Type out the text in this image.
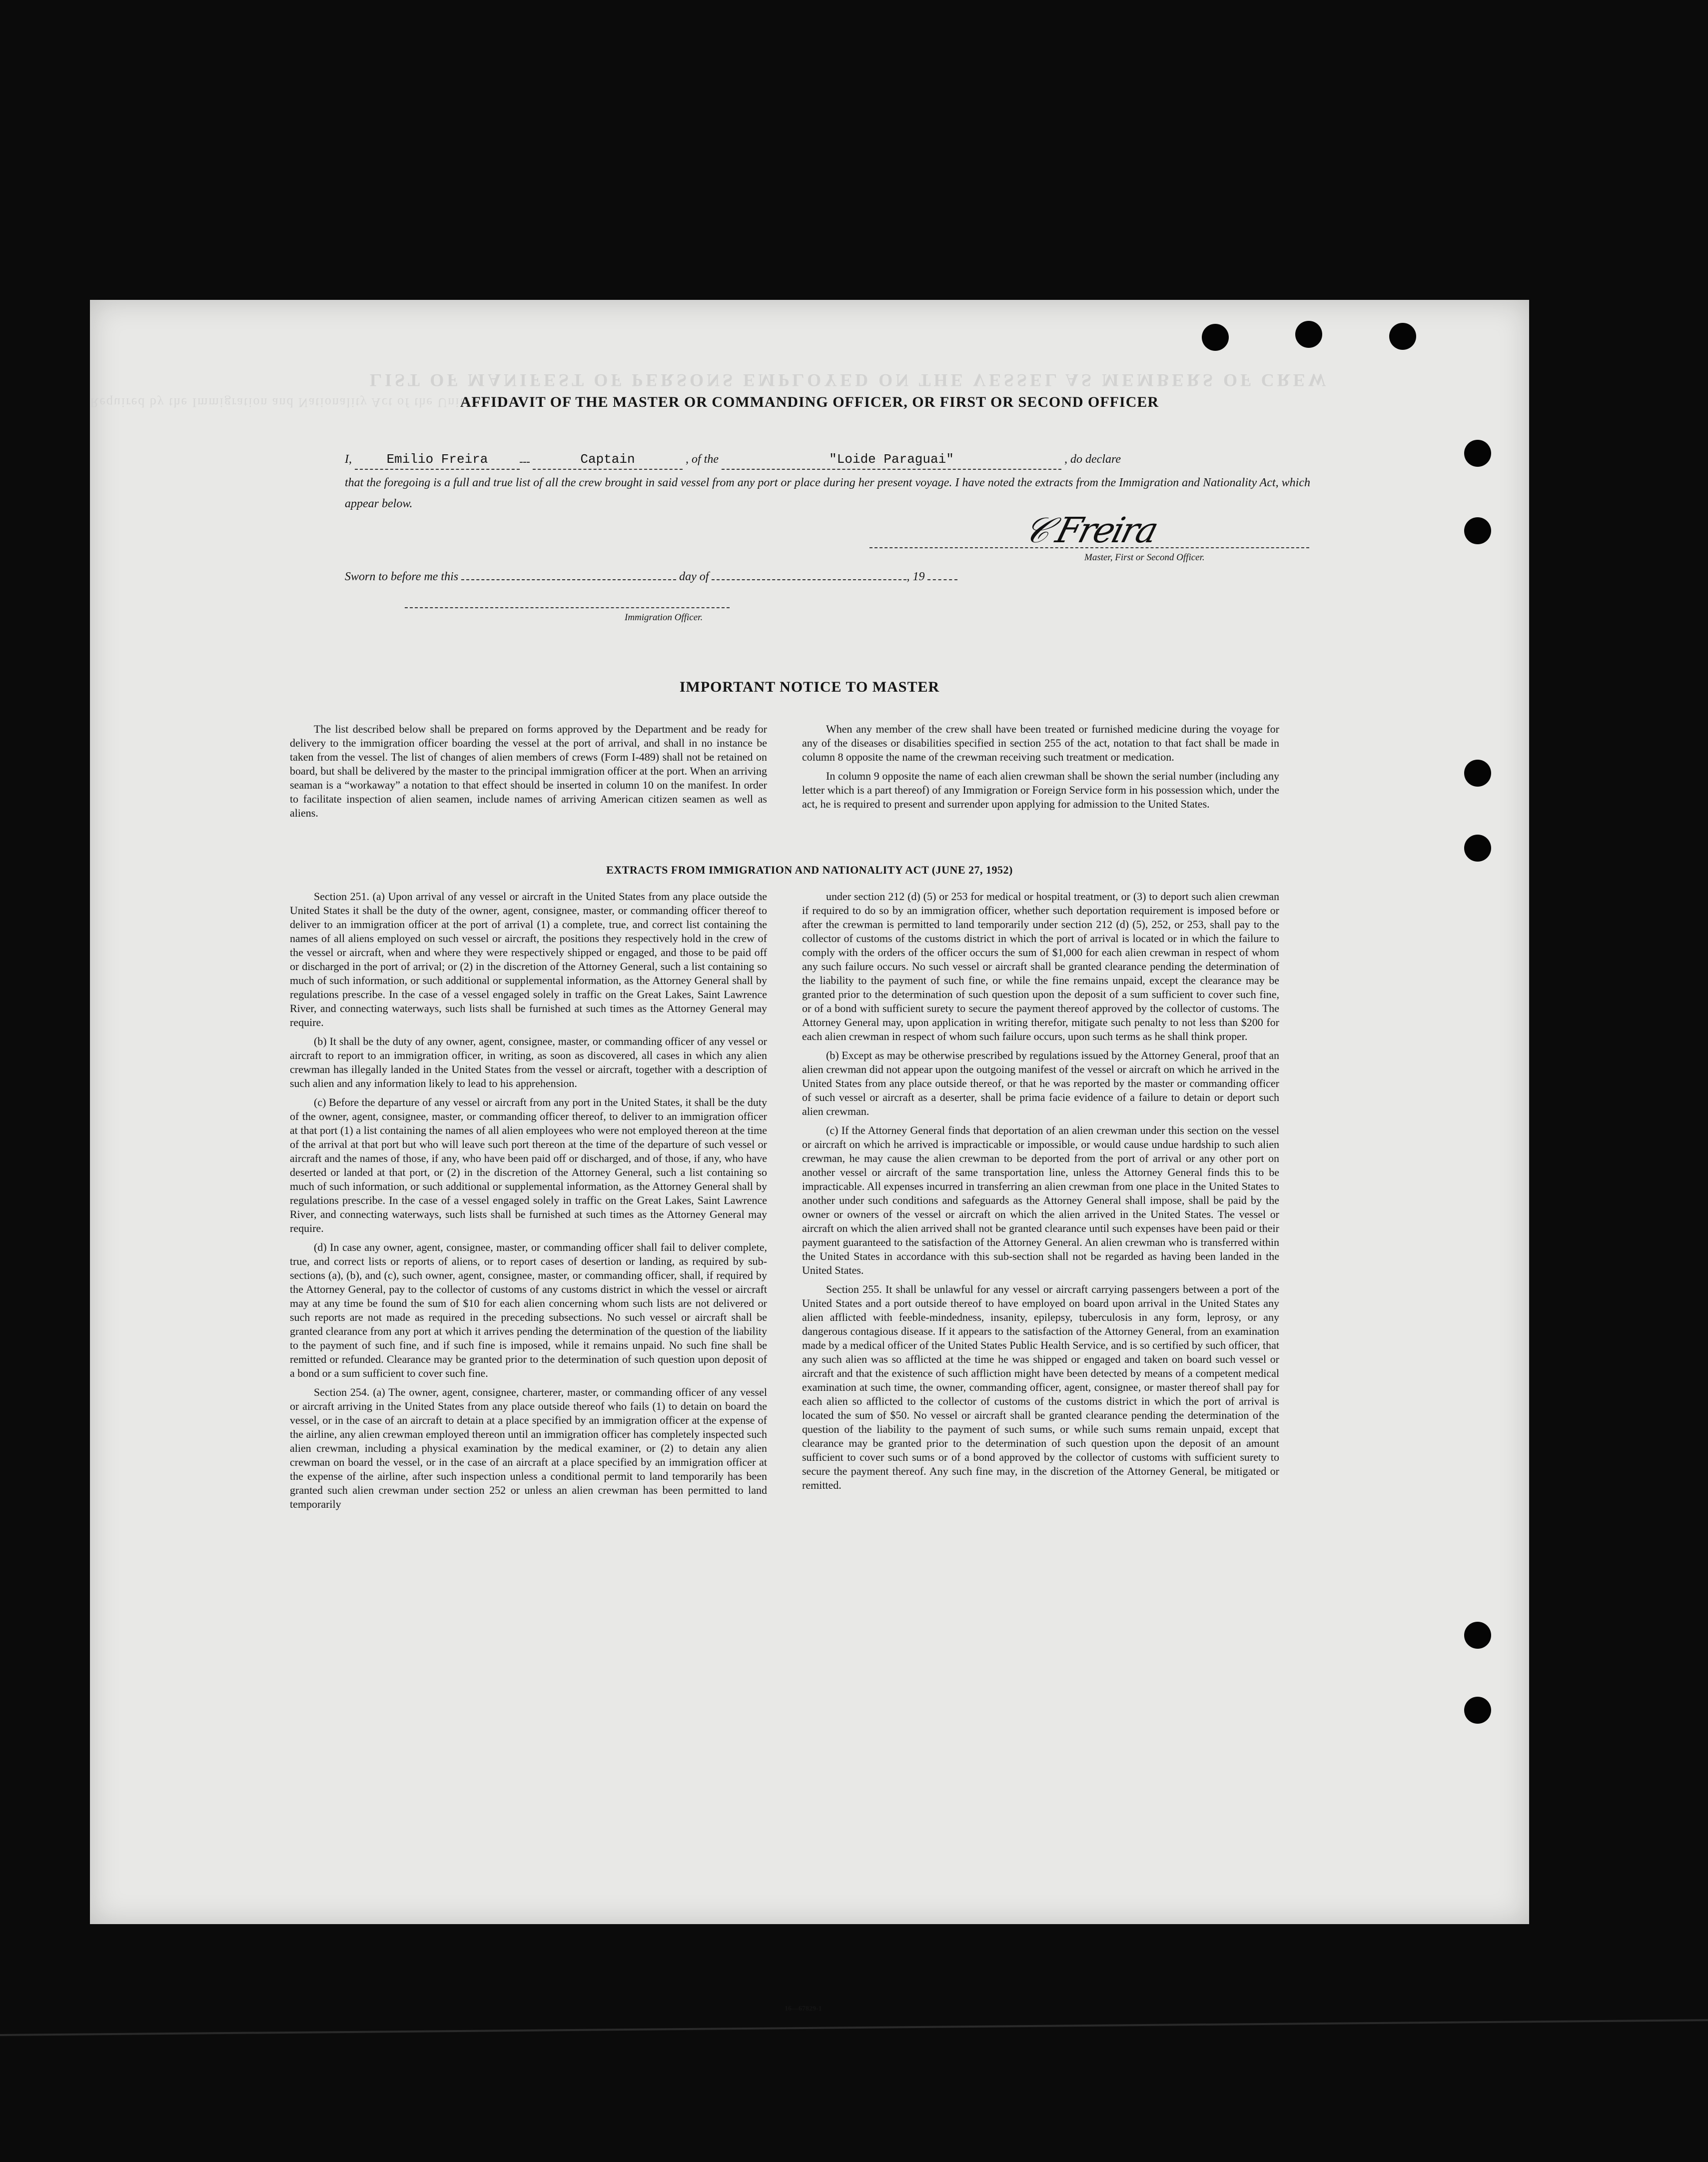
LIST OF MANIFEST OF PERSONS EMPLOYED ON THE VESSEL AS MEMBERS OF CREW
Required by the Immigration and Nationality Act of the United States
AFFIDAVIT OF THE MASTER OR COMMANDING OFFICER, OR FIRST OR SECOND OFFICER
I,	Emilio Freira	Captain	, of the	"Loide Paraguai"	, do declare
that the foregoing is a full and true list of all the crew brought in said vessel from any port or place during her present voyage. I have noted the extracts from the Immigration and Nationality Act, which appear below.
𝒞 Freira
Master, First or Second Officer.
Sworn to before me this	day of	, 19
Immigration Officer.
IMPORTANT NOTICE TO MASTER

The list described below shall be prepared on forms approved by the Department and be ready for delivery to the immigration officer boarding the vessel at the port of arrival, and shall in no instance be taken from the vessel. The list of changes of alien members of crews (Form I-489) shall not be retained on board, but shall be delivered by the master to the principal immigration officer at the port. When an arriving seaman is a “workaway” a notation to that effect should be inserted in column 10 on the manifest. In order to facilitate inspection of alien seamen, include names of arriving American citizen seamen as well as aliens.

When any member of the crew shall have been treated or furnished medicine during the voyage for any of the diseases or disabilities specified in section 255 of the act, notation to that fact shall be made in column 8 opposite the name of the crewman receiving such treatment or medication.

In column 9 opposite the name of each alien crewman shall be shown the serial number (including any letter which is a part thereof) of any Immigration or Foreign Service form in his possession which, under the act, he is required to present and surrender upon applying for admission to the United States.

EXTRACTS FROM IMMIGRATION AND NATIONALITY ACT (JUNE 27, 1952)

Section 251. (a) Upon arrival of any vessel or aircraft in the United States from any place outside the United States it shall be the duty of the owner, agent, consignee, master, or commanding officer thereof to deliver to an immigration officer at the port of arrival (1) a complete, true, and correct list containing the names of all aliens employed on such vessel or aircraft, the positions they respectively hold in the crew of the vessel or aircraft, when and where they were respectively shipped or engaged, and those to be paid off or discharged in the port of arrival; or (2) in the discretion of the Attorney General, such a list containing so much of such information, or such additional or supplemental information, as the Attorney General shall by regulations prescribe. In the case of a vessel engaged solely in traffic on the Great Lakes, Saint Lawrence River, and connecting waterways, such lists shall be furnished at such times as the Attorney General may require.

(b) It shall be the duty of any owner, agent, consignee, master, or commanding officer of any vessel or aircraft to report to an immigration officer, in writing, as soon as discovered, all cases in which any alien crewman has illegally landed in the United States from the vessel or aircraft, together with a description of such alien and any information likely to lead to his apprehension.

(c) Before the departure of any vessel or aircraft from any port in the United States, it shall be the duty of the owner, agent, consignee, master, or commanding officer thereof, to deliver to an immigration officer at that port (1) a list containing the names of all alien employees who were not employed thereon at the time of the arrival at that port but who will leave such port thereon at the time of the departure of such vessel or aircraft and the names of those, if any, who have been paid off or discharged, and of those, if any, who have deserted or landed at that port, or (2) in the discretion of the Attorney General, such a list containing so much of such information, or such additional or supplemental information, as the Attorney General shall by regulations prescribe. In the case of a vessel engaged solely in traffic on the Great Lakes, Saint Lawrence River, and connecting waterways, such lists shall be furnished at such times as the Attorney General may require.

(d) In case any owner, agent, consignee, master, or commanding officer shall fail to deliver complete, true, and correct lists or reports of aliens, or to report cases of desertion or landing, as required by sub-sections (a), (b), and (c), such owner, agent, consignee, master, or commanding officer, shall, if required by the Attorney General, pay to the collector of customs of any customs district in which the vessel or aircraft may at any time be found the sum of $10 for each alien concerning whom such lists are not delivered or such reports are not made as required in the preceding subsections. No such vessel or aircraft shall be granted clearance from any port at which it arrives pending the determination of the question of the liability to the payment of such fine, and if such fine is imposed, while it remains unpaid. No such fine shall be remitted or refunded. Clearance may be granted prior to the determination of such question upon deposit of a bond or a sum sufficient to cover such fine.

Section 254. (a) The owner, agent, consignee, charterer, master, or commanding officer of any vessel or aircraft arriving in the United States from any place outside thereof who fails (1) to detain on board the vessel, or in the case of an aircraft to detain at a place specified by an immigration officer at the expense of the airline, any alien crewman employed thereon until an immigration officer has completely inspected such alien crewman, including a physical examination by the medical examiner, or (2) to detain any alien crewman on board the vessel, or in the case of an aircraft at a place specified by an immigration officer at the expense of the airline, after such inspection unless a conditional permit to land temporarily has been granted such alien crewman under section 252 or unless an alien crewman has been permitted to land temporarily

under section 212 (d) (5) or 253 for medical or hospital treatment, or (3) to deport such alien crewman if required to do so by an immigration officer, whether such deportation requirement is imposed before or after the crewman is permitted to land temporarily under section 212 (d) (5), 252, or 253, shall pay to the collector of customs of the customs district in which the port of arrival is located or in which the failure to comply with the orders of the officer occurs the sum of $1,000 for each alien crewman in respect of whom any such failure occurs. No such vessel or aircraft shall be granted clearance pending the determination of the liability to the payment of such fine, or while the fine remains unpaid, except the clearance may be granted prior to the determination of such question upon the deposit of a sum sufficient to cover such fine, or of a bond with sufficient surety to secure the payment thereof approved by the collector of customs. The Attorney General may, upon application in writing therefor, mitigate such penalty to not less than $200 for each alien crewman in respect of whom such failure occurs, upon such terms as he shall think proper.

(b) Except as may be otherwise prescribed by regulations issued by the Attorney General, proof that an alien crewman did not appear upon the outgoing manifest of the vessel or aircraft on which he arrived in the United States from any place outside thereof, or that he was reported by the master or commanding officer of such vessel or aircraft as a deserter, shall be prima facie evidence of a failure to detain or deport such alien crewman.

(c) If the Attorney General finds that deportation of an alien crewman under this section on the vessel or aircraft on which he arrived is impracticable or impossible, or would cause undue hardship to such alien crewman, he may cause the alien crewman to be deported from the port of arrival or any other port on another vessel or aircraft of the same transportation line, unless the Attorney General finds this to be impracticable. All expenses incurred in transferring an alien crewman from one place in the United States to another under such conditions and safeguards as the Attorney General shall impose, shall be paid by the owner or owners of the vessel or aircraft on which the alien arrived in the United States. The vessel or aircraft on which the alien arrived shall not be granted clearance until such expenses have been paid or their payment guaranteed to the satisfaction of the Attorney General. An alien crewman who is transferred within the United States in accordance with this sub-section shall not be regarded as having been landed in the United States.

Section 255. It shall be unlawful for any vessel or aircraft carrying passengers between a port of the United States and a port outside thereof to have employed on board upon arrival in the United States any alien afflicted with feeble-mindedness, insanity, epilepsy, tuberculosis in any form, leprosy, or any dangerous contagious disease. If it appears to the satisfaction of the Attorney General, from an examination made by a medical officer of the United States Public Health Service, and is so certified by such officer, that any such alien was so afflicted at the time he was shipped or engaged and taken on board such vessel or aircraft and that the existence of such affliction might have been detected by means of a competent medical examination at such time, the owner, commanding officer, agent, consignee, or master thereof shall pay for each alien so afflicted to the collector of customs of the customs district in which the port of arrival is located the sum of $50. No vessel or aircraft shall be granted clearance pending the determination of the question of the liability to the payment of such sums, or while such sums remain unpaid, except that clearance may be granted prior to the determination of such question upon the deposit of an amount sufficient to cover such sums or of a bond approved by the collector of customs with sufficient surety to secure the payment thereof. Any such fine may, in the discretion of the Attorney General, be mitigated or remitted.

16—67829-1
